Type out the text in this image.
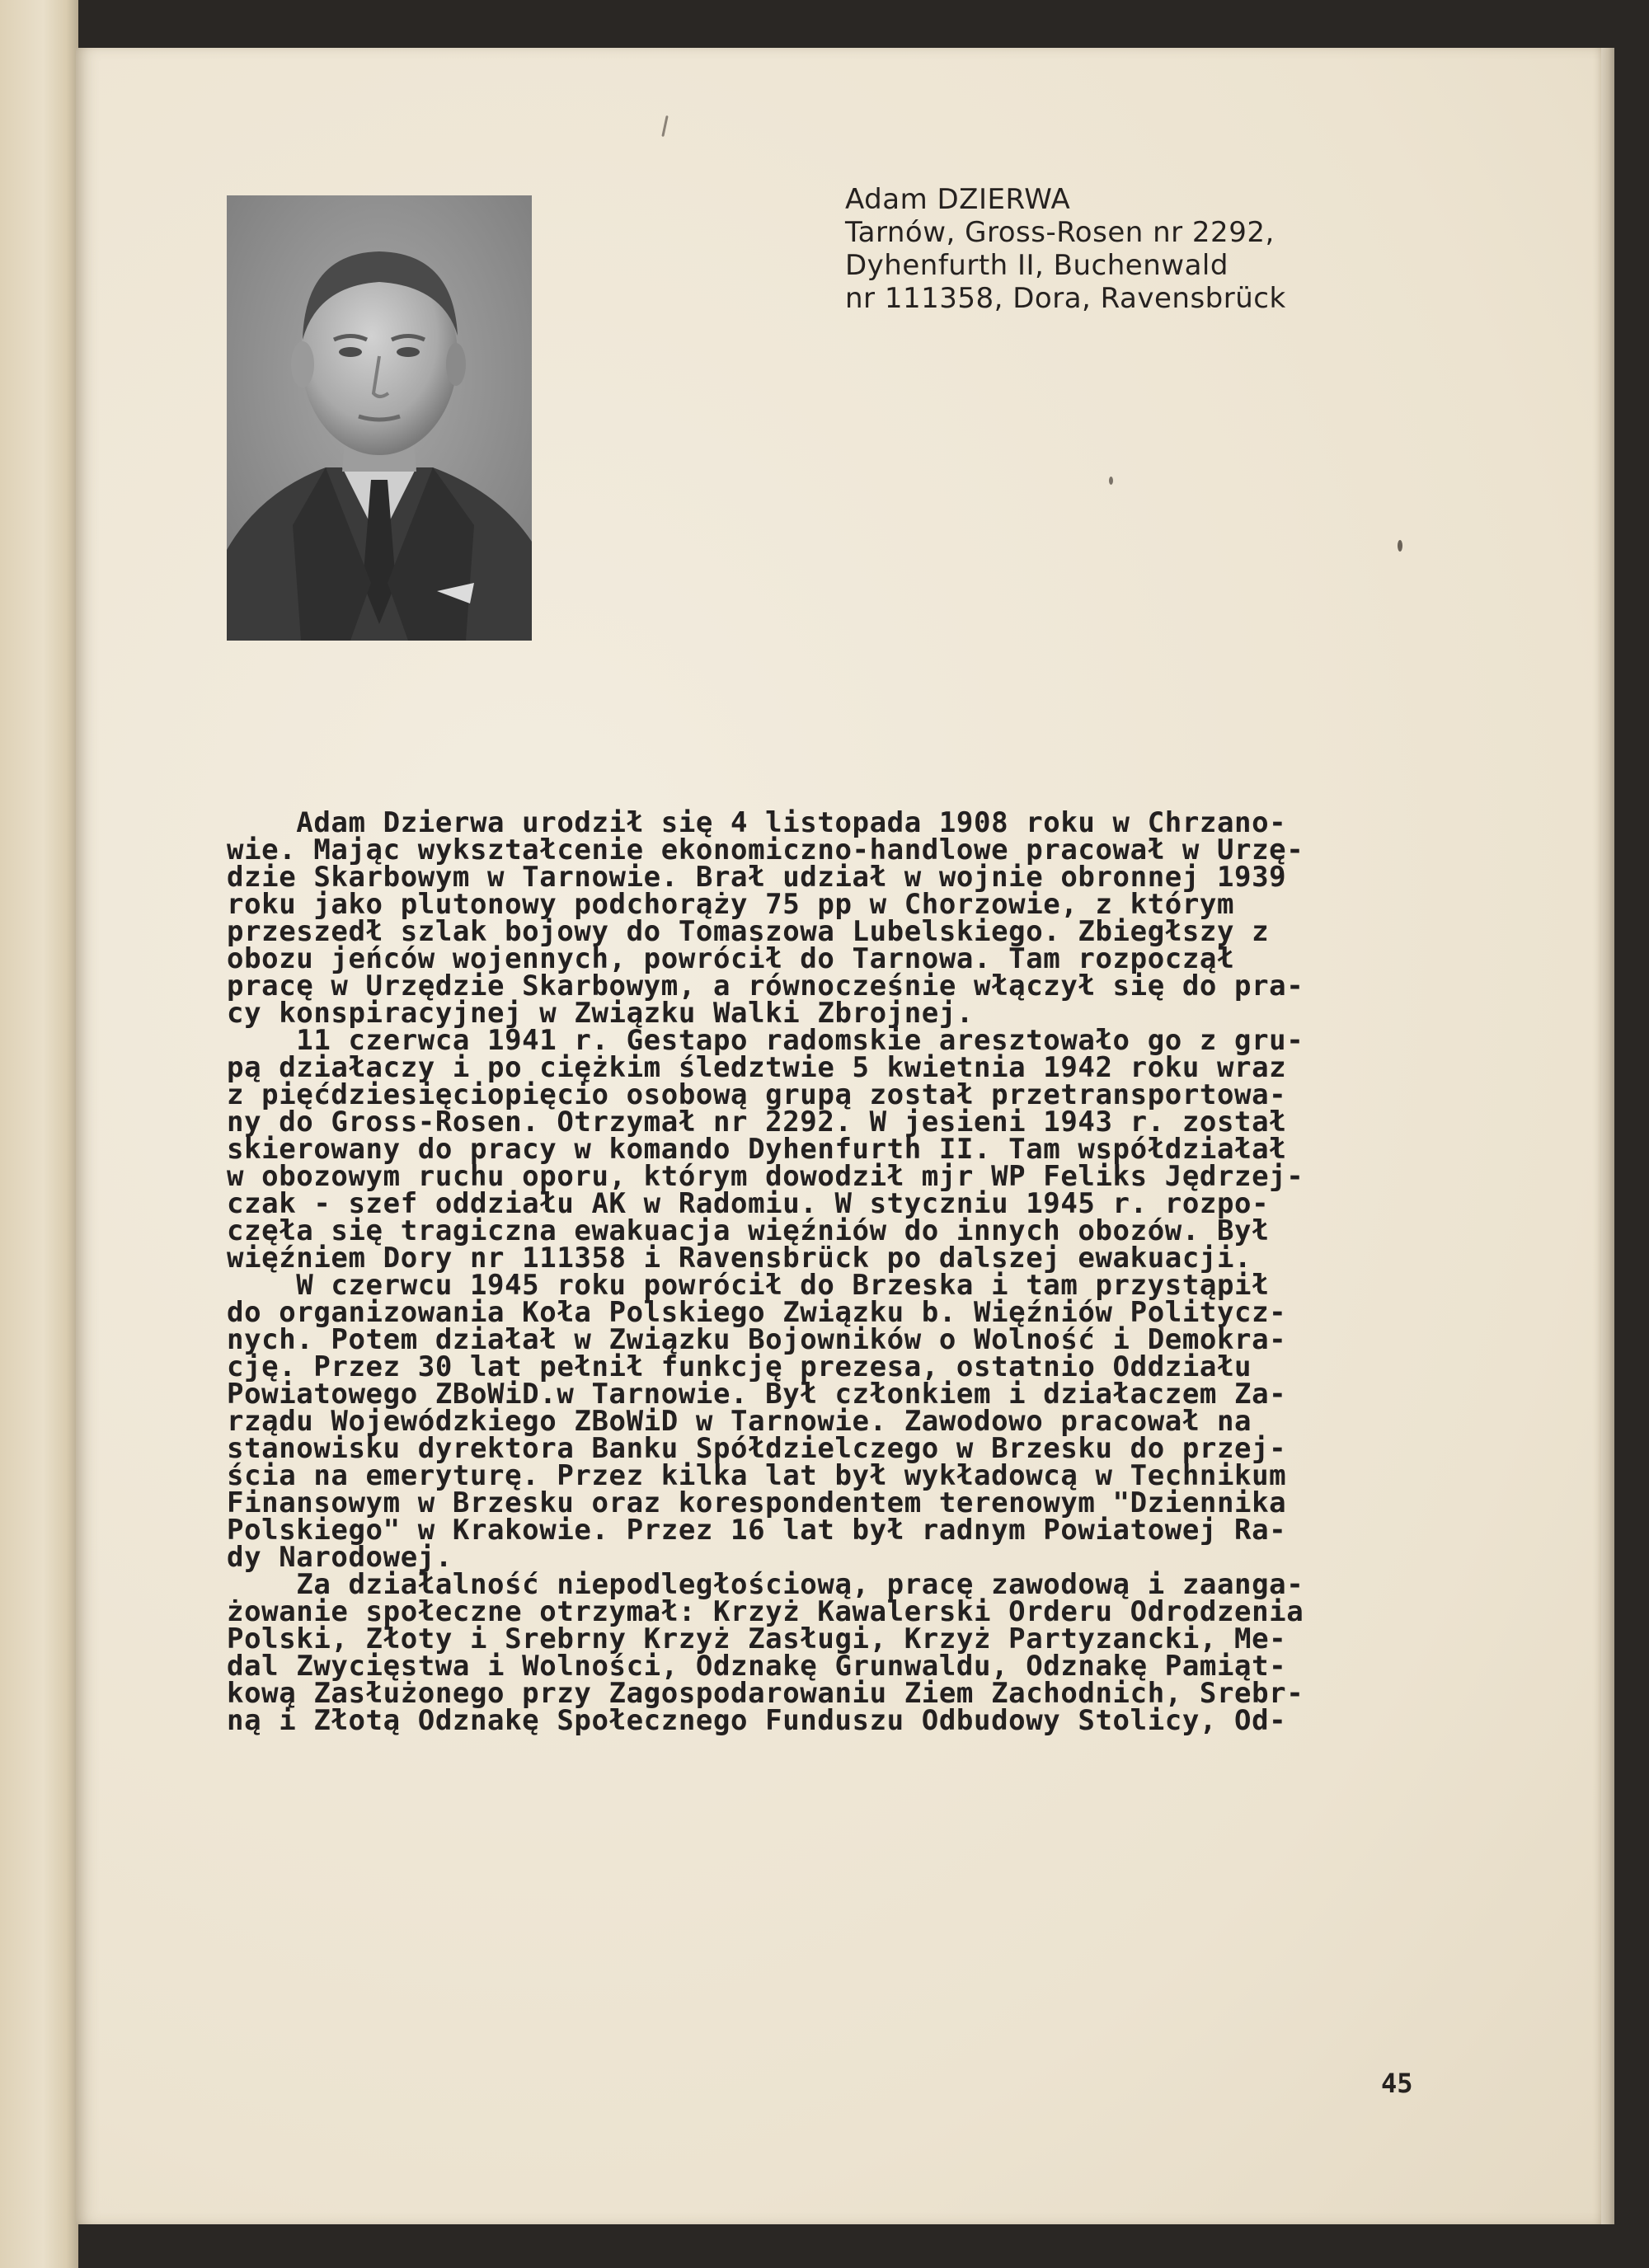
Adam DZIERWA
Tarnów, Gross-Rosen nr 2292,
Dyhenfurth II, Buchenwald
nr 111358, Dora, Ravensbrück
Adam Dzierwa urodził się 4 listopada 1908 roku w Chrzano-
wie. Mając wykształcenie ekonomiczno-handlowe pracował w Urzę-
dzie Skarbowym w Tarnowie. Brał udział w wojnie obronnej 1939
roku jako plutonowy podchorąży 75 pp w Chorzowie, z którym
przeszedł szlak bojowy do Tomaszowa Lubelskiego. Zbiegłszy z
obozu jeńców wojennych, powrócił do Tarnowa. Tam rozpoczął
pracę w Urzędzie Skarbowym, a równocześnie włączył się do pra-
cy konspiracyjnej w Związku Walki Zbrojnej.
11 czerwca 1941 r. Gestapo radomskie aresztowało go z gru-
pą działaczy i po ciężkim śledztwie 5 kwietnia 1942 roku wraz
z pięćdziesięciopięcio osobową grupą został przetransportowa-
ny do Gross-Rosen. Otrzymał nr 2292. W jesieni 1943 r. został
skierowany do pracy w komando Dyhenfurth II. Tam współdziałał
w obozowym ruchu oporu, którym dowodził mjr WP Feliks Jędrzej-
czak - szef oddziału AK w Radomiu. W styczniu 1945 r. rozpo-
częła się tragiczna ewakuacja więźniów do innych obozów. Był
więźniem Dory nr 111358 i Ravensbrück po dalszej ewakuacji.
W czerwcu 1945 roku powrócił do Brzeska i tam przystąpił
do organizowania Koła Polskiego Związku b. Więźniów Politycz-
nych. Potem działał w Związku Bojowników o Wolność i Demokra-
cję. Przez 30 lat pełnił funkcję prezesa, ostatnio Oddziału
Powiatowego ZBoWiD.w Tarnowie. Był członkiem i działaczem Za-
rządu Wojewódzkiego ZBoWiD w Tarnowie. Zawodowo pracował na
stanowisku dyrektora Banku Spółdzielczego w Brzesku do przej-
ścia na emeryturę. Przez kilka lat był wykładowcą w Technikum
Finansowym w Brzesku oraz korespondentem terenowym "Dziennika
Polskiego" w Krakowie. Przez 16 lat był radnym Powiatowej Ra-
dy Narodowej.
Za działalność niepodległościową, pracę zawodową i zaanga-
żowanie społeczne otrzymał: Krzyż Kawalerski Orderu Odrodzenia
Polski, Złoty i Srebrny Krzyż Zasługi, Krzyż Partyzancki, Me-
dal Zwycięstwa i Wolności, Odznakę Grunwaldu, Odznakę Pamiąt-
kową Zasłużonego przy Zagospodarowaniu Ziem Zachodnich, Srebr-
ną i Złotą Odznakę Społecznego Funduszu Odbudowy Stolicy, Od-
45
